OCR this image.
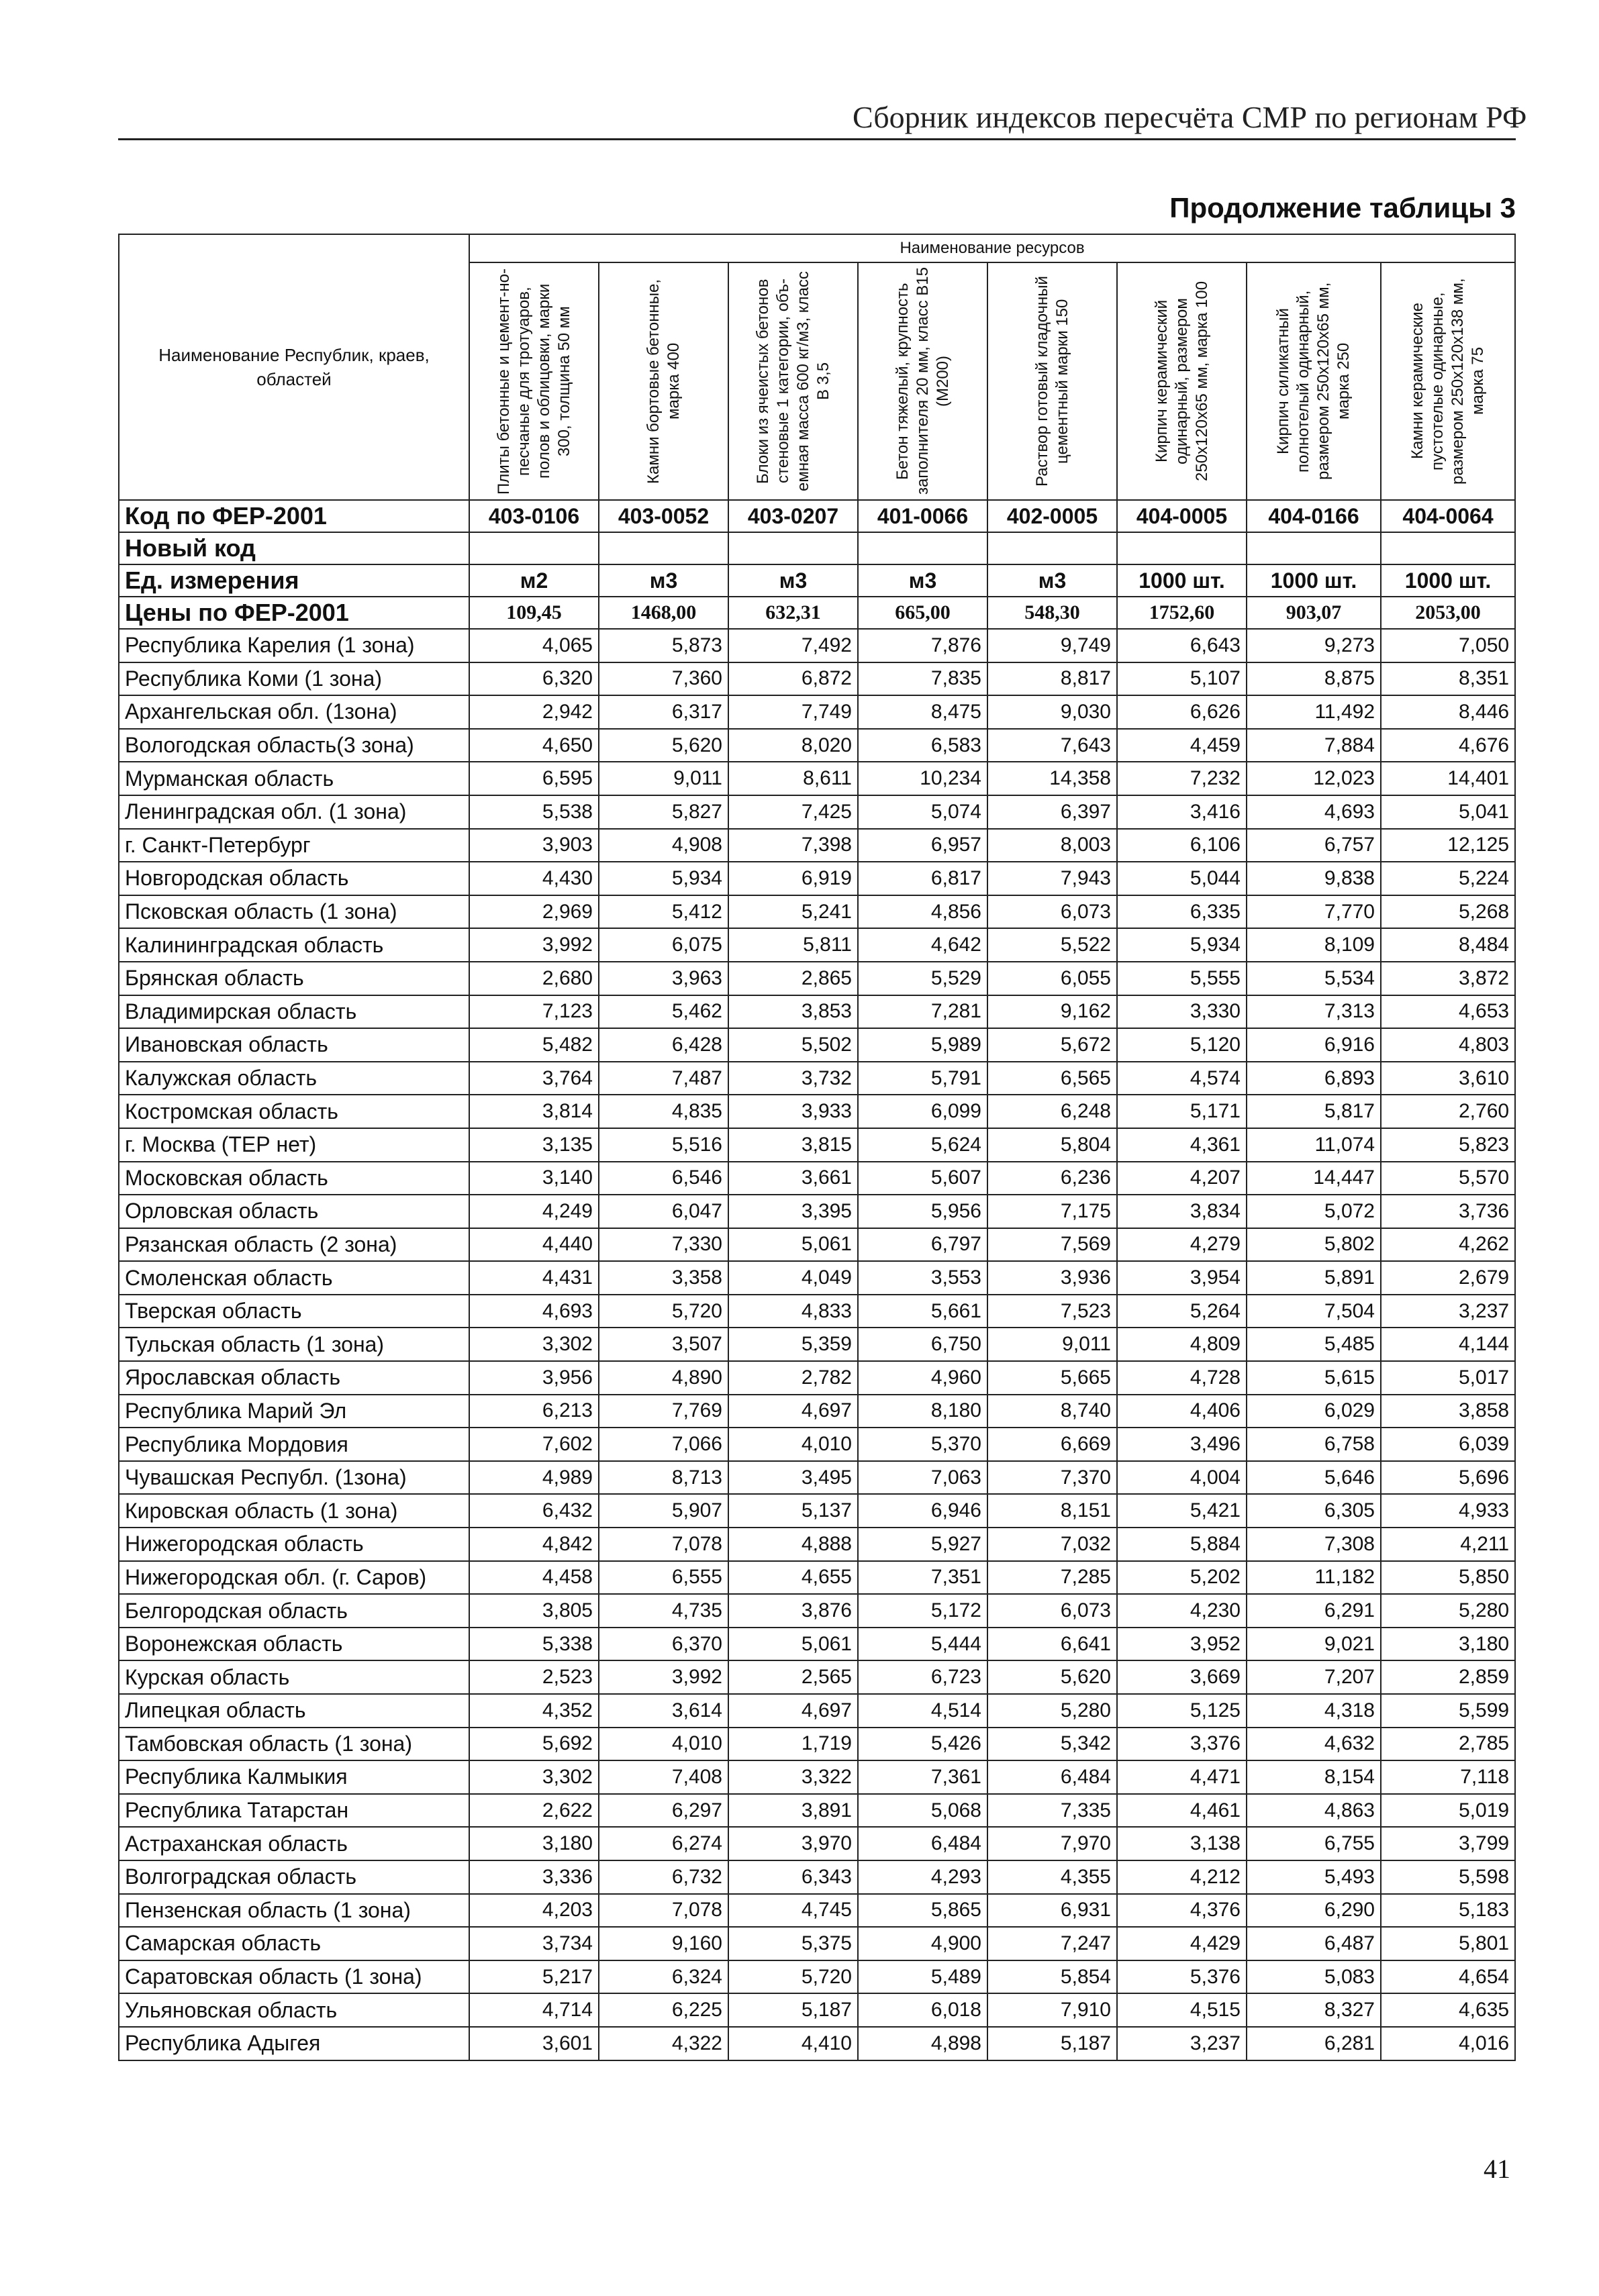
Сборник индексов пересчёта СМР по регионам РФ
Продолжение таблицы 3
Наименование Республик, краев, областей	Наименование ресурсов							

	Плиты бетонные и цемент-но-песчаные для тротуаров, полов и облицовки, марки 300, толщина 50 мм	Камни бортовые бетонные, марка 400	Блоки из ячеистых бетонов стеновые 1 категории, объ-емная масса 600 кг/м3, класс В 3,5	Бетон тяжелый, крупность заполнителя 20 мм, класс В15 (М200)	Раствор готовый кладочный цементный марки 150	Кирпич керамический одинарный, размером 250х120х65 мм, марка 100	Кирпич силикатный полнотелый одинарный, размером 250х120х65 мм, марка 250	Камни керамические пустотелые одинарные, размером 250х120х138 мм, марка 75

Код по ФЕР-2001	403-0106	403-0052	403-0207	401-0066	402-0005	404-0005	404-0166	404-0064
Новый код								
Ед. измерения	м2	м3	м3	м3	м3	1000 шт.	1000 шт.	1000 шт.
Цены по ФЕР-2001	109,45	1468,00	632,31	665,00	548,30	1752,60	903,07	2053,00
Республика Карелия (1 зона)	4,065	5,873	7,492	7,876	9,749	6,643	9,273	7,050
Республика Коми (1 зона)	6,320	7,360	6,872	7,835	8,817	5,107	8,875	8,351
Архангельская обл. (1зона)	2,942	6,317	7,749	8,475	9,030	6,626	11,492	8,446
Вологодская область(3 зона)	4,650	5,620	8,020	6,583	7,643	4,459	7,884	4,676
Мурманская область	6,595	9,011	8,611	10,234	14,358	7,232	12,023	14,401
Ленинградская обл. (1 зона)	5,538	5,827	7,425	5,074	6,397	3,416	4,693	5,041
г. Санкт-Петербург	3,903	4,908	7,398	6,957	8,003	6,106	6,757	12,125
Новгородская область	4,430	5,934	6,919	6,817	7,943	5,044	9,838	5,224
Псковская область (1 зона)	2,969	5,412	5,241	4,856	6,073	6,335	7,770	5,268
Калининградская область	3,992	6,075	5,811	4,642	5,522	5,934	8,109	8,484
Брянская область	2,680	3,963	2,865	5,529	6,055	5,555	5,534	3,872
Владимирская область	7,123	5,462	3,853	7,281	9,162	3,330	7,313	4,653
Ивановская область	5,482	6,428	5,502	5,989	5,672	5,120	6,916	4,803
Калужская область	3,764	7,487	3,732	5,791	6,565	4,574	6,893	3,610
Костромская область	3,814	4,835	3,933	6,099	6,248	5,171	5,817	2,760
г. Москва (ТЕР нет)	3,135	5,516	3,815	5,624	5,804	4,361	11,074	5,823
Московская область	3,140	6,546	3,661	5,607	6,236	4,207	14,447	5,570
Орловская область	4,249	6,047	3,395	5,956	7,175	3,834	5,072	3,736
Рязанская область (2 зона)	4,440	7,330	5,061	6,797	7,569	4,279	5,802	4,262
Смоленская область	4,431	3,358	4,049	3,553	3,936	3,954	5,891	2,679
Тверская область	4,693	5,720	4,833	5,661	7,523	5,264	7,504	3,237
Тульская область (1 зона)	3,302	3,507	5,359	6,750	9,011	4,809	5,485	4,144
Ярославская область	3,956	4,890	2,782	4,960	5,665	4,728	5,615	5,017
Республика Марий Эл	6,213	7,769	4,697	8,180	8,740	4,406	6,029	3,858
Республика Мордовия	7,602	7,066	4,010	5,370	6,669	3,496	6,758	6,039
Чувашская Республ. (1зона)	4,989	8,713	3,495	7,063	7,370	4,004	5,646	5,696
Кировская область (1 зона)	6,432	5,907	5,137	6,946	8,151	5,421	6,305	4,933
Нижегородская область	4,842	7,078	4,888	5,927	7,032	5,884	7,308	4,211
Нижегородская обл. (г. Саров)	4,458	6,555	4,655	7,351	7,285	5,202	11,182	5,850
Белгородская область	3,805	4,735	3,876	5,172	6,073	4,230	6,291	5,280
Воронежская область	5,338	6,370	5,061	5,444	6,641	3,952	9,021	3,180
Курская область	2,523	3,992	2,565	6,723	5,620	3,669	7,207	2,859
Липецкая область	4,352	3,614	4,697	4,514	5,280	5,125	4,318	5,599
Тамбовская область (1 зона)	5,692	4,010	1,719	5,426	5,342	3,376	4,632	2,785
Республика Калмыкия	3,302	7,408	3,322	7,361	6,484	4,471	8,154	7,118
Республика Татарстан	2,622	6,297	3,891	5,068	7,335	4,461	4,863	5,019
Астраханская область	3,180	6,274	3,970	6,484	7,970	3,138	6,755	3,799
Волгоградская область	3,336	6,732	6,343	4,293	4,355	4,212	5,493	5,598
Пензенская область (1 зона)	4,203	7,078	4,745	5,865	6,931	4,376	6,290	5,183
Самарская область	3,734	9,160	5,375	4,900	7,247	4,429	6,487	5,801
Саратовская область (1 зона)	5,217	6,324	5,720	5,489	5,854	5,376	5,083	4,654
Ульяновская область	4,714	6,225	5,187	6,018	7,910	4,515	8,327	4,635
Республика Адыгея	3,601	4,322	4,410	4,898	5,187	3,237	6,281	4,016
41
